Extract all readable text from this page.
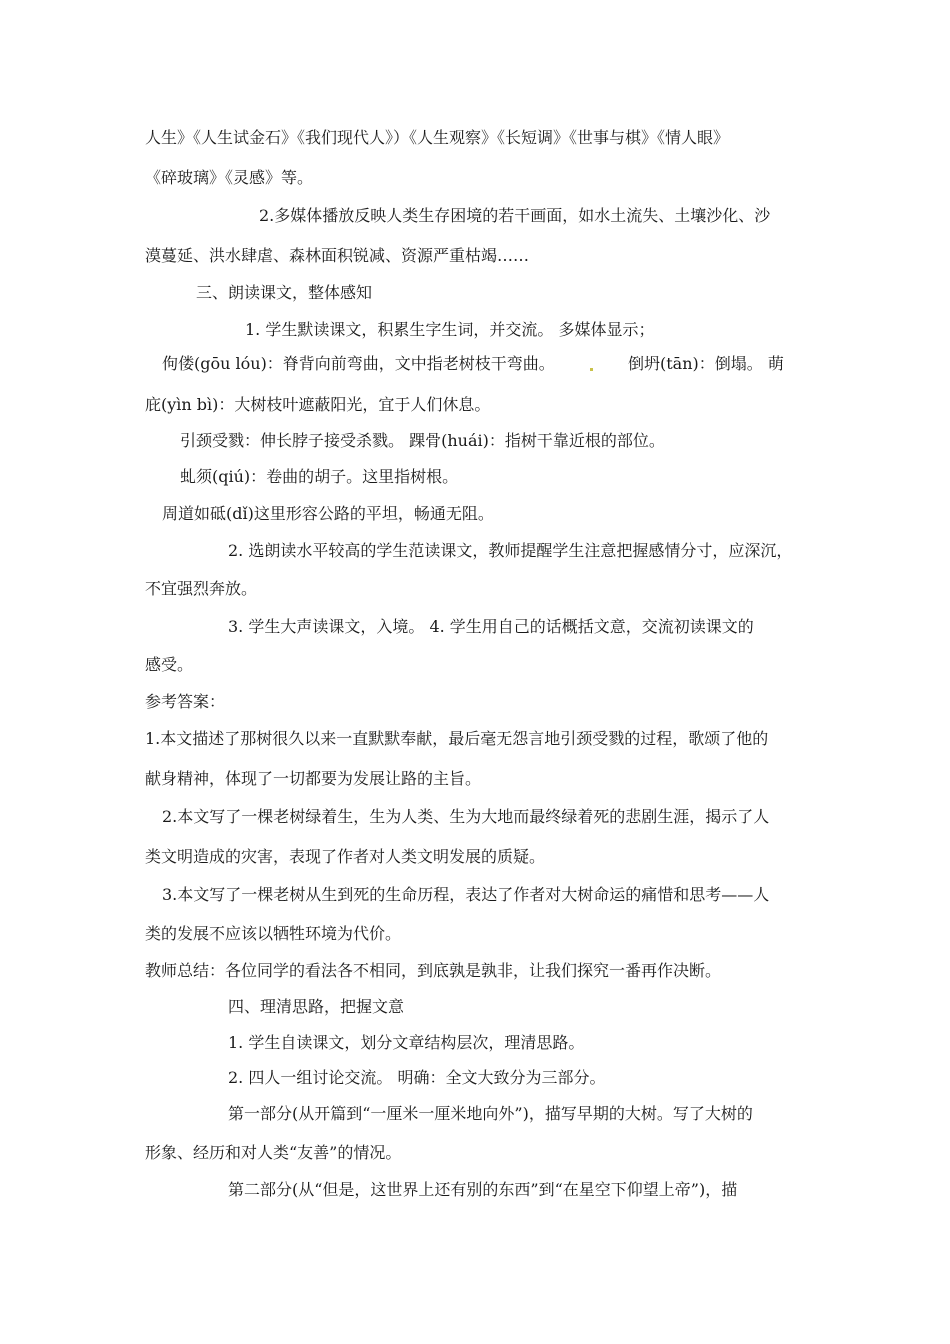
人生》《人生试金石》《我们现代人》）《人生观察》《长短调》《世事与棋》《情人眼》
《碎玻璃》《灵感》等。
2.多媒体播放反映人类生存困境的若干画面，如水土流失、土壤沙化、沙
漠蔓延、洪水肆虐、森林面积锐减、资源严重枯竭……
三、朗读课文，整体感知
1. 学生默读课文，积累生字生词，并交流。 多媒体显示；
佝偻(gōu lóu)：脊背向前弯曲，文中指老树枝干弯曲。	倒坍(tān)：倒塌。 萌
庇(yìn bì)：大树枝叶遮蔽阳光，宜于人们休息。
引颈受戮：伸长脖子接受杀戮。 踝骨(huái)：指树干靠近根的部位。
虬须(qiú)：卷曲的胡子。这里指树根。
周道如砥(dǐ)这里形容公路的平坦，畅通无阻。
2. 选朗读水平较高的学生范读课文，教师提醒学生注意把握感情分寸，应深沉，
不宜强烈奔放。
3. 学生大声读课文，入境。 4. 学生用自己的话概括文意，交流初读课文的
感受。
参考答案：
1.本文描述了那树很久以来一直默默奉献，最后毫无怨言地引颈受戮的过程，歌颂了他的
献身精神，体现了一切都要为发展让路的主旨。
2.本文写了一棵老树绿着生，生为人类、生为大地而最终绿着死的悲剧生涯，揭示了人
类文明造成的灾害，表现了作者对人类文明发展的质疑。
3.本文写了一棵老树从生到死的生命历程，表达了作者对大树命运的痛惜和思考——人
类的发展不应该以牺牲环境为代价。
教师总结：各位同学的看法各不相同，到底孰是孰非，让我们探究一番再作决断。
四、理清思路，把握文意
1. 学生自读课文，划分文章结构层次，理清思路。
2. 四人一组讨论交流。 明确：全文大致分为三部分。
第一部分(从开篇到“一厘米一厘米地向外”)，描写早期的大树。写了大树的
形象、经历和对人类“友善”的情况。
第二部分(从“但是，这世界上还有别的东西”到“在星空下仰望上帝”)，描
